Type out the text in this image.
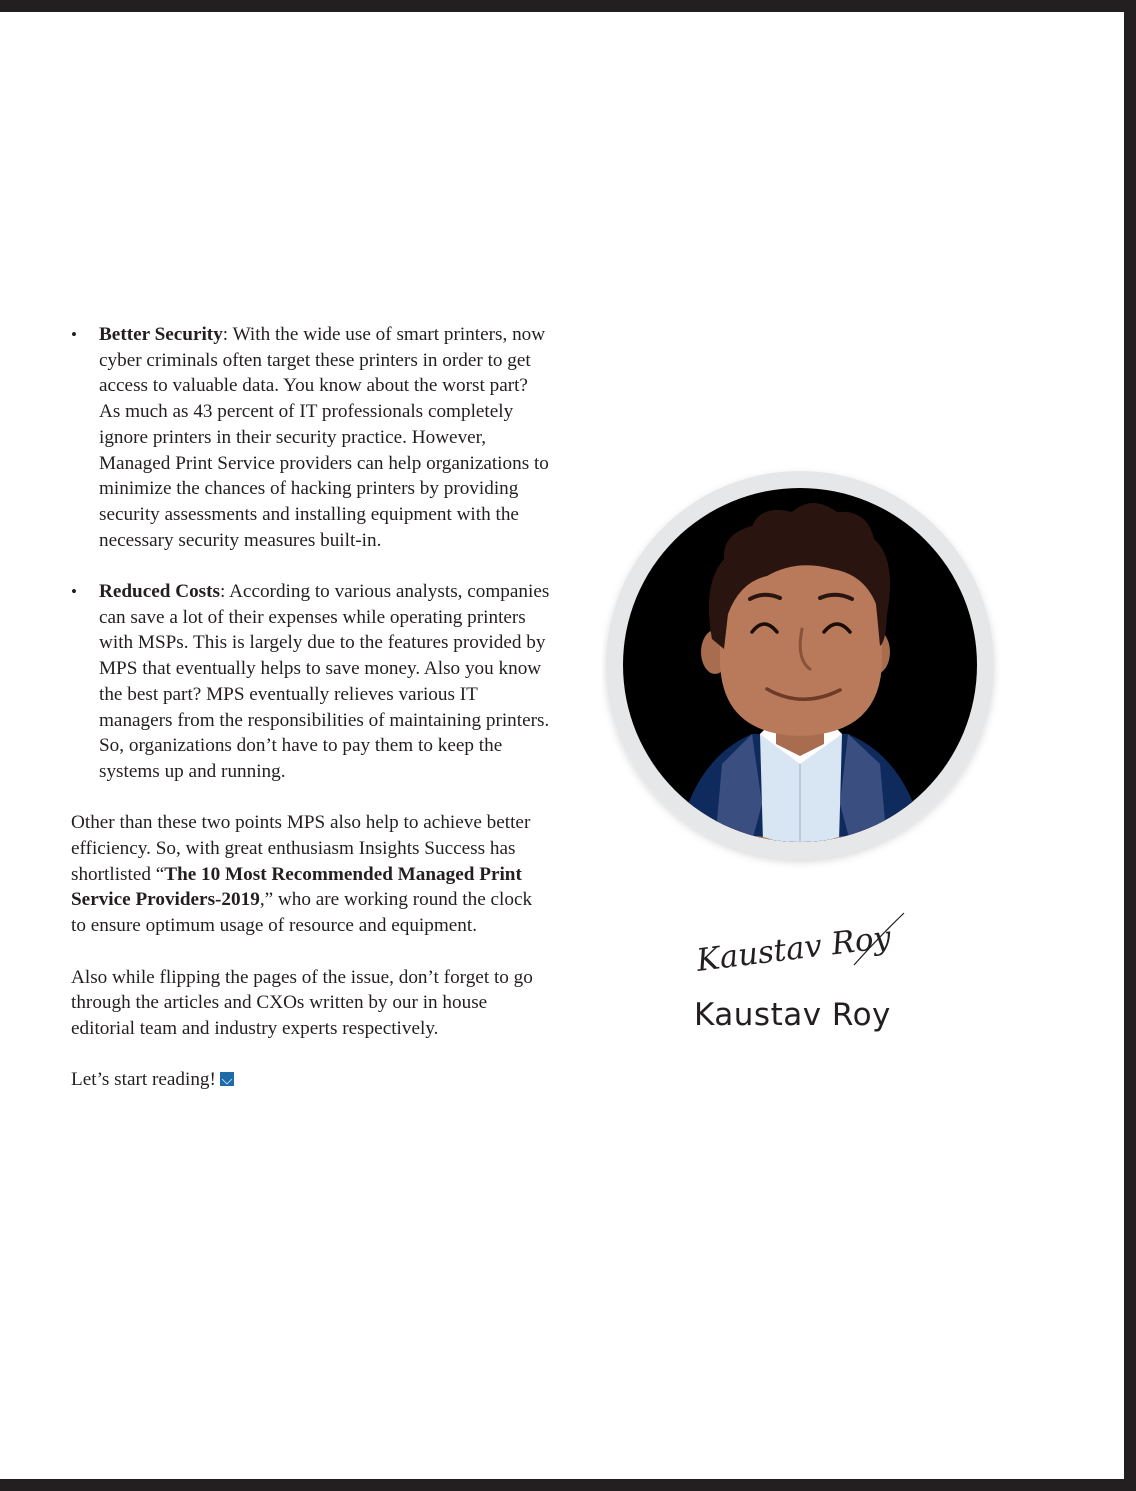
• Better Security: With the wide use of smart printers, now cyber criminals often target these printers in order to get access to valuable data. You know about the worst part? As much as 43 percent of IT professionals completely ignore printers in their security practice. However, Managed Print Service providers can help organizations to minimize the chances of hacking printers by providing security assessments and installing equipment with the necessary security measures built-in.
• Reduced Costs: According to various analysts, companies can save a lot of their expenses while operating printers with MSPs. This is largely due to the features provided by MPS that eventually helps to save money. Also you know the best part? MPS eventually relieves various IT managers from the responsibilities of maintaining printers. So, organizations don’t have to pay them to keep the systems up and running.

Other than these two points MPS also help to achieve better efficiency. So, with great enthusiasm Insights Success has shortlisted “The 10 Most Recommended Managed Print Service Providers-2019,” who are working round the clock to ensure optimum usage of resource and equipment.

Also while flipping the pages of the issue, don’t forget to go through the articles and CXOs written by our in house editorial team and industry experts respectively.

Let’s start reading!

Kaustav Roy
Kaustav Roy
